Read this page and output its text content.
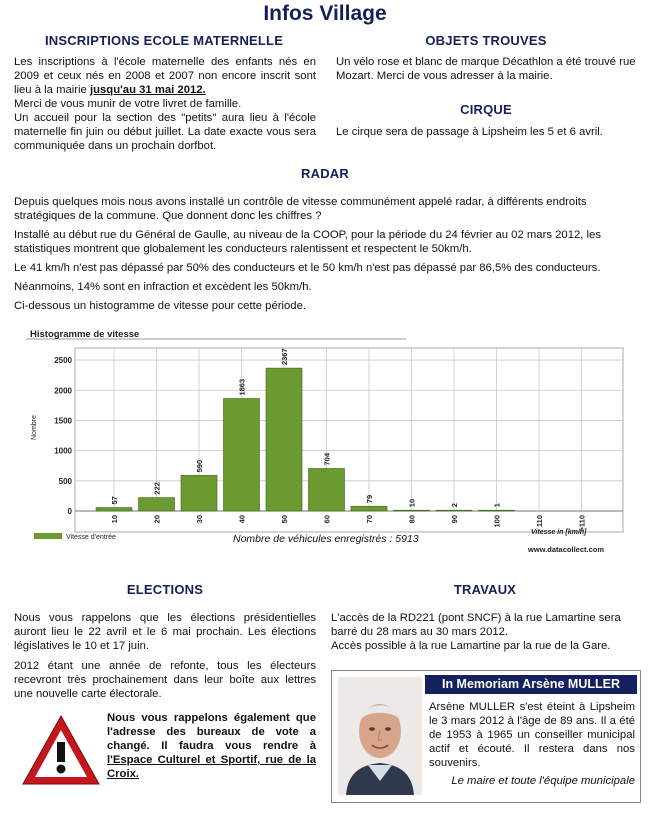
Infos Village
INSCRIPTIONS ECOLE MATERNELLE

Les inscriptions à l'école maternelle des enfants nés en 2009 et ceux nés en 2008 et 2007 non encore inscrit sont lieu à la mairie jusqu'au 31 mai 2012.

Merci de vous munir de votre livret de famille.

Un accueil pour la section des "petits" aura lieu à l'école maternelle fin juin ou début juillet. La date exacte vous sera communiquée dans un prochain dorfbot.

OBJETS TROUVES
Un vélo rose et blanc de marque Décathlon a été trouvé rue Mozart. Merci de vous adresser à la mairie.
CIRQUE
Le cirque sera de passage à Lipsheim les 5 et 6 avril.
RADAR

Depuis quelques mois nous avons installé un contrôle de vitesse communément appelé radar, à différents endroits stratégiques de la commune. Que donnent donc les chiffres ?

Installé au début rue du Général de Gaulle, au niveau de la COOP, pour la période du 24 février au 02 mars 2012, les statistiques montrent que globalement les conducteurs ralentissent et respectent le 50km/h.

Le 41 km/h n'est pas dépassé par 50% des conducteurs et le 50 km/h n'est pas dépassé par 86,5% des conducteurs.

Néanmoins, 14% sont en infraction et excèdent les 50km/h.

Ci-dessous un histogramme de vitesse pour cette période.

Histogramme de vitesse
57
222
590
1863
2367
704
79	10	2	1
0
500
1000
1500
2000
2500
10	20	30	40	50	60	70	80	90	100	110	>110
Nombre
Vitesse d'entrée
Vitesse in [km/h]
Nombre de véhicules enregistrés : 5913
www.datacollect.com
ELECTIONS

Nous vous rappelons que les élections présidentielles auront lieu le 22 avril et le 6 mai prochain. Les élections législatives le 10 et 17 juin.

2012 étant une année de refonte, tous les électeurs recevront très prochainement dans leur boîte aux lettres une nouvelle carte électorale.

Nous vous rappelons également que l'adresse des bureaux de vote a changé. Il faudra vous rendre à l'Espace Culturel et Sportif, rue de la Croix.
TRAVAUX

L'accès de la RD221 (pont SNCF) à la rue Lamartine sera barré du 28 mars au 30 mars 2012.

Accès possible à la rue Lamartine par la rue de la Gare.

In Memoriam Arsène MULLER
Arsène MULLER s'est éteint à Lipsheim le 3 mars 2012 à l'âge de 89 ans. Il a été de 1953 à 1965 un conseiller municipal actif et écouté. Il restera dans nos souvenirs.
Le maire et toute l'équipe municipale
